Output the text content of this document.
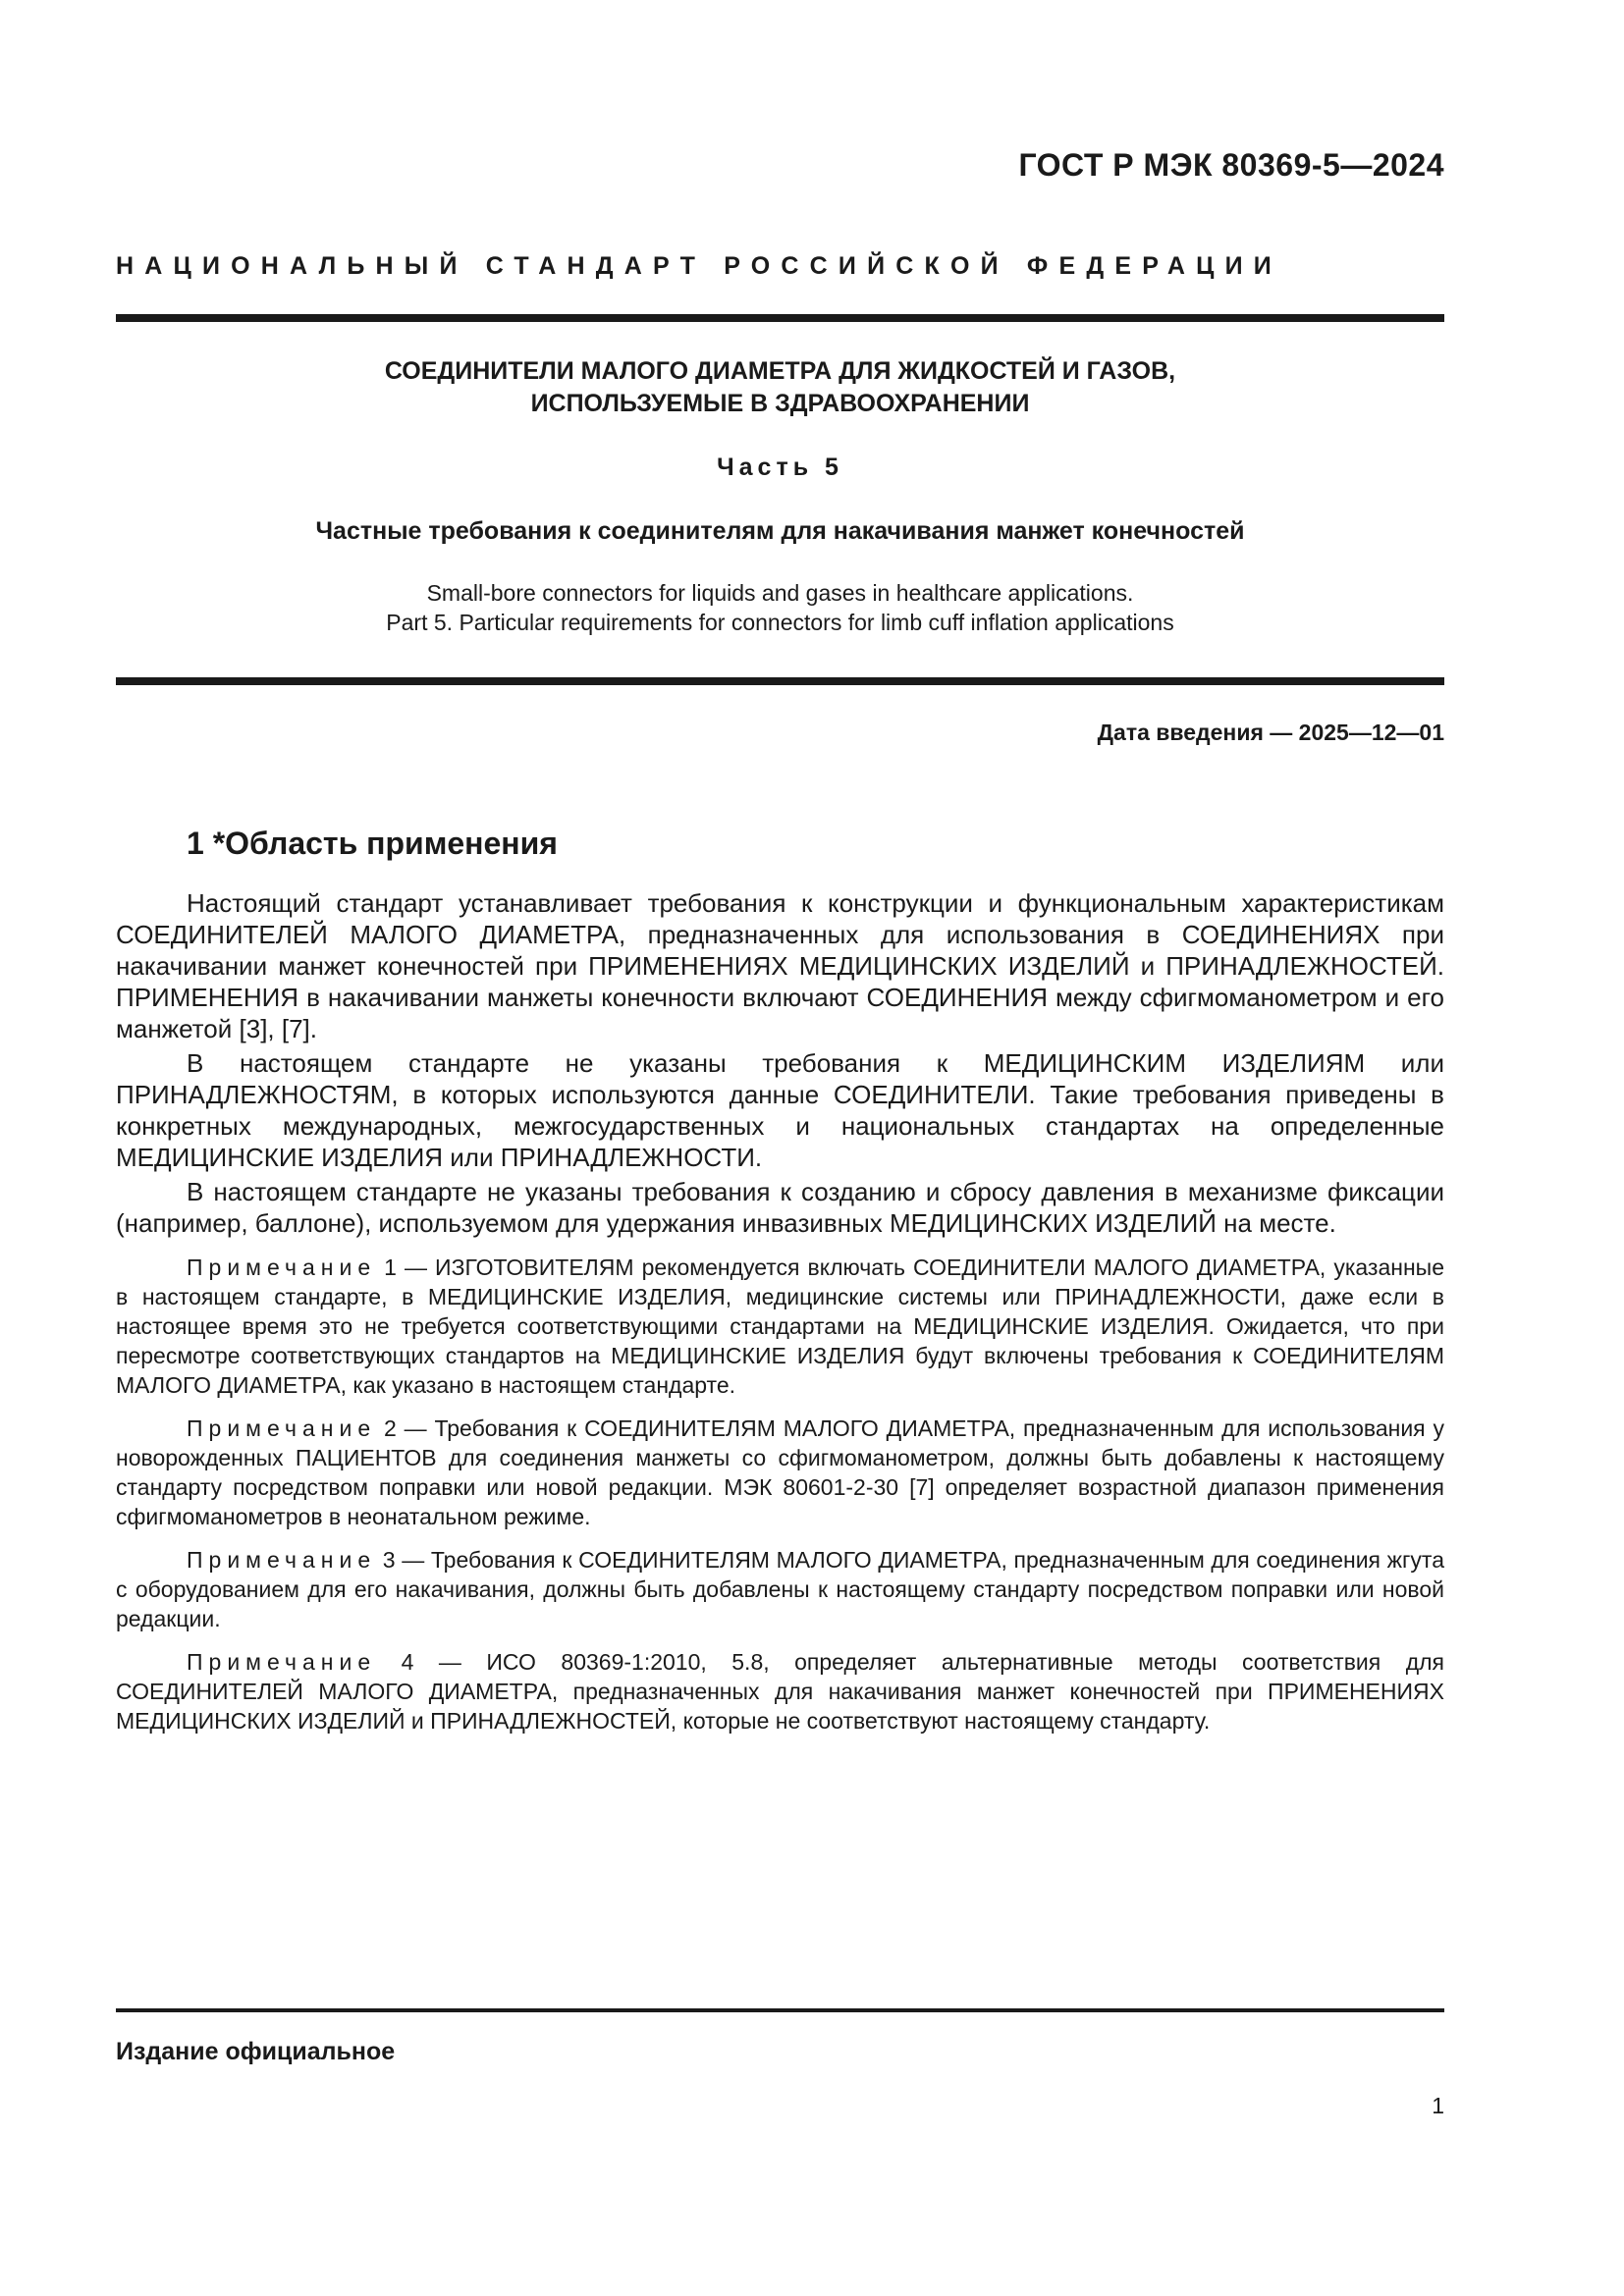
ГОСТ Р МЭК 80369-5—2024
НАЦИОНАЛЬНЫЙ СТАНДАРТ РОССИЙСКОЙ ФЕДЕРАЦИИ
СОЕДИНИТЕЛИ МАЛОГО ДИАМЕТРА ДЛЯ ЖИДКОСТЕЙ И ГАЗОВ,
ИСПОЛЬЗУЕМЫЕ В ЗДРАВООХРАНЕНИИ
Часть 5
Частные требования к соединителям для накачивания манжет конечностей
Small-bore connectors for liquids and gases in healthcare applications.
Part 5. Particular requirements for connectors for limb cuff inflation applications
Дата введения — 2025—12—01
1 *Область применения

Настоящий стандарт устанавливает требования к конструкции и функциональным характеристикам СОЕДИНИТЕЛЕЙ МАЛОГО ДИАМЕТРА, предназначенных для использования в СОЕДИНЕНИЯХ при накачивании манжет конечностей при ПРИМЕНЕНИЯХ МЕДИЦИНСКИХ ИЗДЕЛИЙ и ПРИНАДЛЕЖНОСТЕЙ. ПРИМЕНЕНИЯ в накачивании манжеты конечности включают СОЕДИНЕНИЯ между сфигмоманометром и его манжетой [3], [7].

В настоящем стандарте не указаны требования к МЕДИЦИНСКИМ ИЗДЕЛИЯМ или ПРИНАДЛЕЖНОСТЯМ, в которых используются данные СОЕДИНИТЕЛИ. Такие требования приведены в конкретных международных, межгосударственных и национальных стандартах на определенные МЕДИЦИНСКИЕ ИЗДЕЛИЯ или ПРИНАДЛЕЖНОСТИ.

В настоящем стандарте не указаны требования к созданию и сбросу давления в механизме фиксации (например, баллоне), используемом для удержания инвазивных МЕДИЦИНСКИХ ИЗДЕЛИЙ на месте.

Примечание 1 — ИЗГОТОВИТЕЛЯМ рекомендуется включать СОЕДИНИТЕЛИ МАЛОГО ДИАМЕТРА, указанные в настоящем стандарте, в МЕДИЦИНСКИЕ ИЗДЕЛИЯ, медицинские системы или ПРИНАДЛЕЖНОСТИ, даже если в настоящее время это не требуется соответствующими стандартами на МЕДИЦИНСКИЕ ИЗДЕЛИЯ. Ожидается, что при пересмотре соответствующих стандартов на МЕДИЦИНСКИЕ ИЗДЕЛИЯ будут включены требования к СОЕДИНИТЕЛЯМ МАЛОГО ДИАМЕТРА, как указано в настоящем стандарте.

Примечание 2 — Требования к СОЕДИНИТЕЛЯМ МАЛОГО ДИАМЕТРА, предназначенным для использования у новорожденных ПАЦИЕНТОВ для соединения манжеты со сфигмоманометром, должны быть добавлены к настоящему стандарту посредством поправки или новой редакции. МЭК 80601-2-30 [7] определяет возрастной диапазон применения сфигмоманометров в неонатальном режиме.

Примечание 3 — Требования к СОЕДИНИТЕЛЯМ МАЛОГО ДИАМЕТРА, предназначенным для соединения жгута с оборудованием для его накачивания, должны быть добавлены к настоящему стандарту посредством поправки или новой редакции.

Примечание 4 — ИСО 80369-1:2010, 5.8, определяет альтернативные методы соответствия для СОЕДИНИТЕЛЕЙ МАЛОГО ДИАМЕТРА, предназначенных для накачивания манжет конечностей при ПРИМЕНЕНИЯХ МЕДИЦИНСКИХ ИЗДЕЛИЙ и ПРИНАДЛЕЖНОСТЕЙ, которые не соответствуют настоящему стандарту.

Издание официальное
1
